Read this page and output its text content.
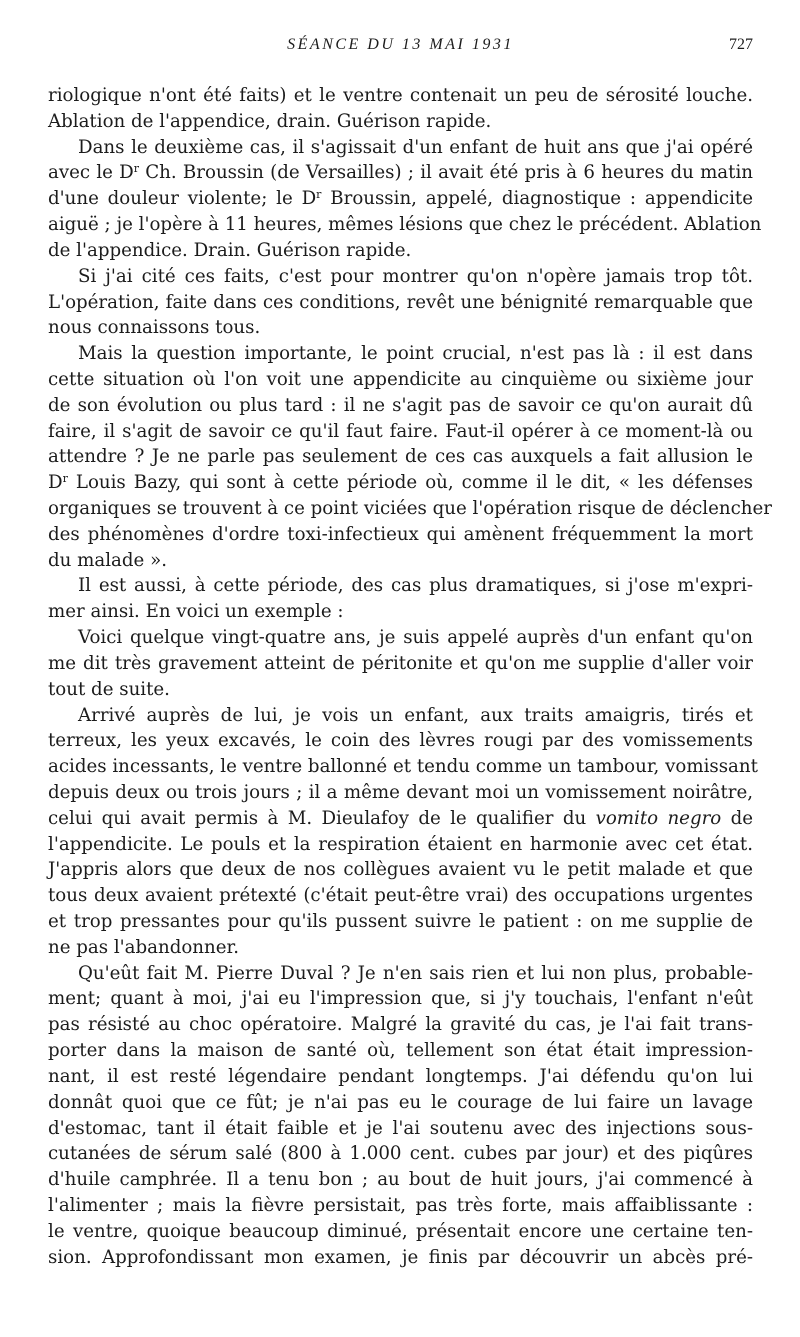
SÉANCE DU 13 MAI 1931	727
riologique n'ont été faits) et le ventre contenait un peu de sérosité louche.
Ablation de l'appendice, drain. Guérison rapide.
Dans le deuxième cas, il s'agissait d'un enfant de huit ans que j'ai opéré
avec le $D^r$ Ch. Broussin (de Versailles) ; il avait été pris à 6 heures du matin
d'une douleur violente; le $D^r$ Broussin, appelé, diagnostique : appendicite
aiguë ; je l'opère à 11 heures, mêmes lésions que chez le précédent. Ablation
de l'appendice. Drain. Guérison rapide.
Si j'ai cité ces faits, c'est pour montrer qu'on n'opère jamais trop tôt.
L'opération, faite dans ces conditions, revêt une bénignité remarquable que
nous connaissons tous.
Mais la question importante, le point crucial, n'est pas là : il est dans
cette situation où l'on voit une appendicite au cinquième ou sixième jour
de son évolution ou plus tard : il ne s'agit pas de savoir ce qu'on aurait dû
faire, il s'agit de savoir ce qu'il faut faire. Faut-il opérer à ce moment-là ou
attendre ? Je ne parle pas seulement de ces cas auxquels a fait allusion le
$D^r$ Louis Bazy, qui sont à cette période où, comme il le dit, « les défenses
organiques se trouvent à ce point viciées que l'opération risque de déclencher
des phénomènes d'ordre toxi-infectieux qui amènent fréquemment la mort
du malade ».
Il est aussi, à cette période, des cas plus dramatiques, si j'ose m'expri-
mer ainsi. En voici un exemple :
Voici quelque vingt-quatre ans, je suis appelé auprès d'un enfant qu'on
me dit très gravement atteint de péritonite et qu'on me supplie d'aller voir
tout de suite.
Arrivé auprès de lui, je vois un enfant, aux traits amaigris, tirés et
terreux, les yeux excavés, le coin des lèvres rougi par des vomissements
acides incessants, le ventre ballonné et tendu comme un tambour, vomissant
depuis deux ou trois jours ; il a même devant moi un vomissement noirâtre,
celui qui avait permis à M. Dieulafoy de le qualifier du vomito negro de
l'appendicite. Le pouls et la respiration étaient en harmonie avec cet état.
J'appris alors que deux de nos collègues avaient vu le petit malade et que
tous deux avaient prétexté (c'était peut-être vrai) des occupations urgentes
et trop pressantes pour qu'ils pussent suivre le patient : on me supplie de
ne pas l'abandonner.
Qu'eût fait M. Pierre Duval ? Je n'en sais rien et lui non plus, probable-
ment; quant à moi, j'ai eu l'impression que, si j'y touchais, l'enfant n'eût
pas résisté au choc opératoire. Malgré la gravité du cas, je l'ai fait trans-
porter dans la maison de santé où, tellement son état était impression-
nant, il est resté légendaire pendant longtemps. J'ai défendu qu'on lui
donnât quoi que ce fût; je n'ai pas eu le courage de lui faire un lavage
d'estomac, tant il était faible et je l'ai soutenu avec des injections sous-
cutanées de sérum salé (800 à 1.000 cent. cubes par jour) et des piqûres
d'huile camphrée. Il a tenu bon ; au bout de huit jours, j'ai commencé à
l'alimenter ; mais la fièvre persistait, pas très forte, mais affaiblissante :
le ventre, quoique beaucoup diminué, présentait encore une certaine ten-
sion. Approfondissant mon examen, je finis par découvrir un abcès pré-
